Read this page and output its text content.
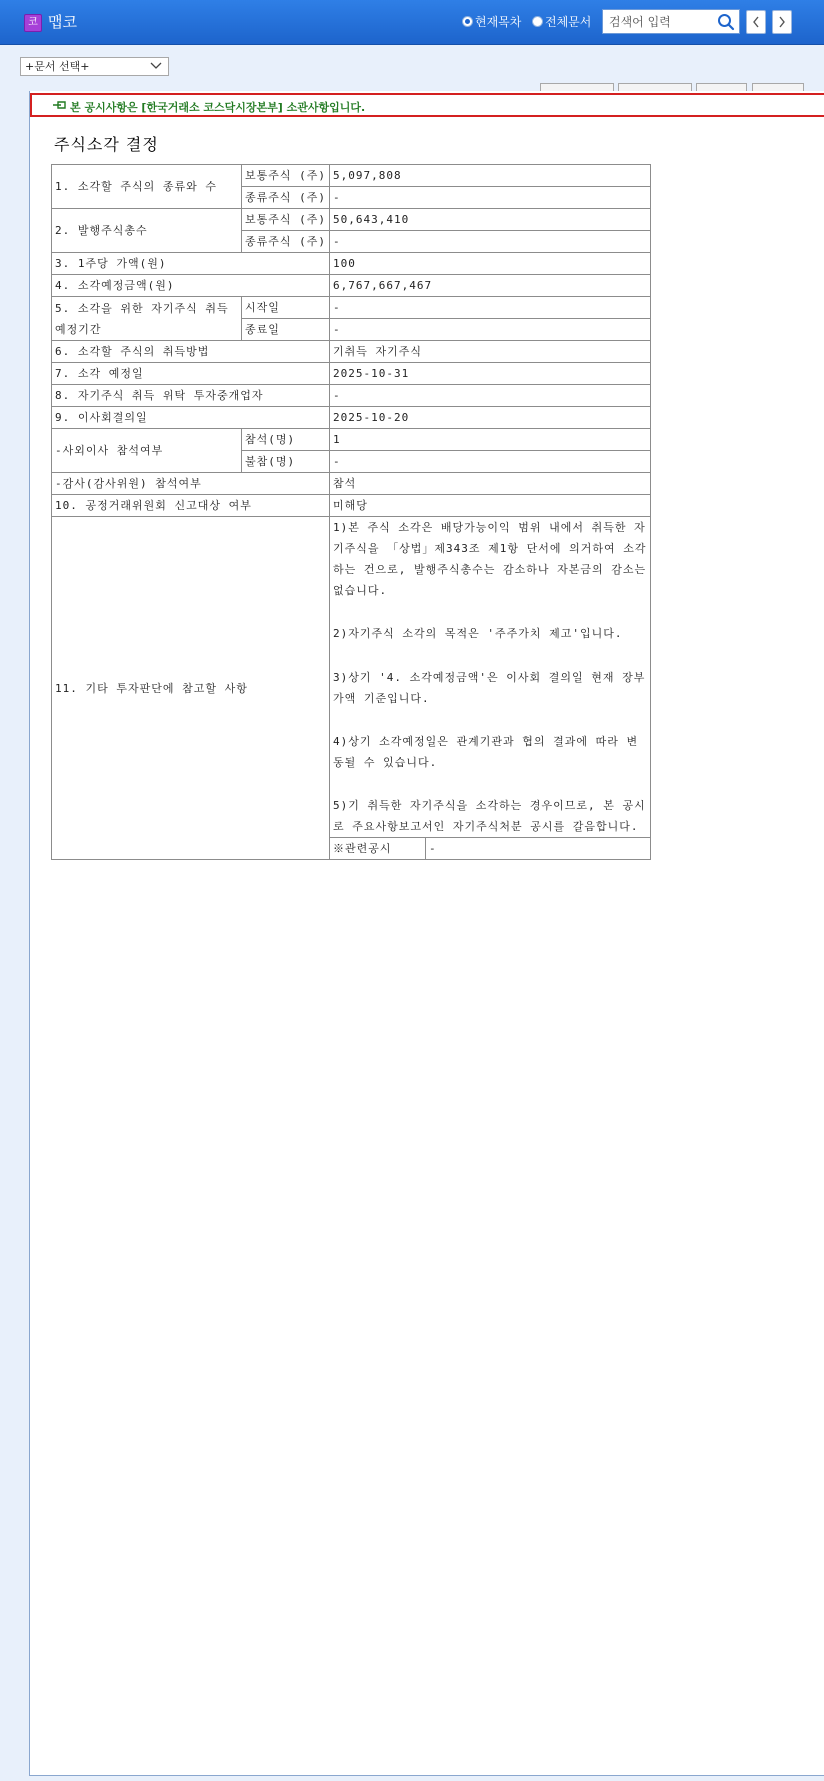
코 맵코	현재목차 전체문서
검색어 입력
+문서 선택+
본 공시사항은 [한국거래소 코스닥시장본부] 소관사항입니다.
주식소각 결정
1. 소각할 주식의 종류와 수	보통주식 (주)	5,097,808	
	종류주식 (주)	-	
2. 발행주식총수	보통주식 (주)	50,643,410	
	종류주식 (주)	-	
3. 1주당 가액(원)		100	
4. 소각예정금액(원)		6,767,667,467	
5. 소각을 위한 자기주식 취득 예정기간	시작일	-	
	종료일	-	
6. 소각할 주식의 취득방법		기취득 자기주식	
7. 소각 예정일		2025-10-31	
8. 자기주식 취득 위탁 투자중개업자		-	
9. 이사회결의일		2025-10-20	
-사외이사 참석여부	참석(명)	1	
	불참(명)	-	
-감사(감사위원) 참석여부		참석	
10. 공정거래위원회 신고대상 여부		미해당	
11. 기타 투자판단에 참고할 사항		1)본 주식 소각은 배당가능이익 범위 내에서 취득한 자기주식을 「상법」제343조 제1항 단서에 의거하여 소각하는 건으로, 발행주식총수는 감소하나 자본금의 감소는 없습니다.
2)자기주식 소각의 목적은 '주주가치 제고'입니다.
3)상기 '4. 소각예정금액'은 이사회 결의일 현재 장부가액 기준입니다.
4)상기 소각예정일은 관계기관과 협의 결과에 따라 변동될 수 있습니다.
5)기 취득한 자기주식을 소각하는 경우이므로, 본 공시로 주요사항보고서인 자기주식처분 공시를 갈음합니다.	

		※관련공시	-
